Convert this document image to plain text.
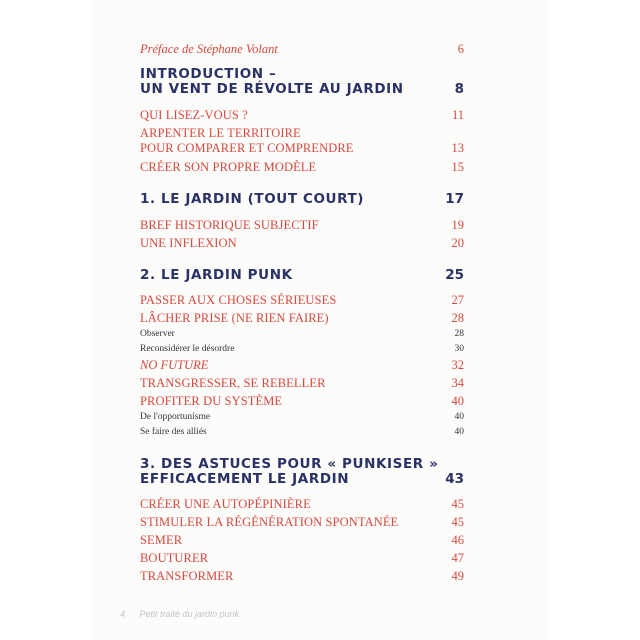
Préface de Stéphane Volant	6
INTRODUCTION –
UN VENT DE RÉVOLTE AU JARDIN	8
QUI LISEZ-VOUS ?	11
ARPENTER LE TERRITOIRE
POUR COMPARER ET COMPRENDRE	13
CRÉER SON PROPRE MODÈLE	15
1. LE JARDIN (TOUT COURT)	17
BREF HISTORIQUE SUBJECTIF	19
UNE INFLEXION	20
2. LE JARDIN PUNK	25
PASSER AUX CHOSES SÉRIEUSES	27
LÂCHER PRISE (NE RIEN FAIRE)	28
Observer	28
Reconsidérer le désordre	30
NO FUTURE	32
TRANSGRESSER, SE REBELLER	34
PROFITER DU SYSTÈME	40
De l'opportunisme	40
Se faire des alliés	40
3. DES ASTUCES POUR « PUNKISER »
EFFICACEMENT LE JARDIN	43
CRÉER UNE AUTOPÉPINIÈRE	45
STIMULER LA RÉGÉNÉRATION SPONTANÉE	45
SEMER	46
BOUTURER	47
TRANSFORMER	49
4 Petit traité du jardin punk
